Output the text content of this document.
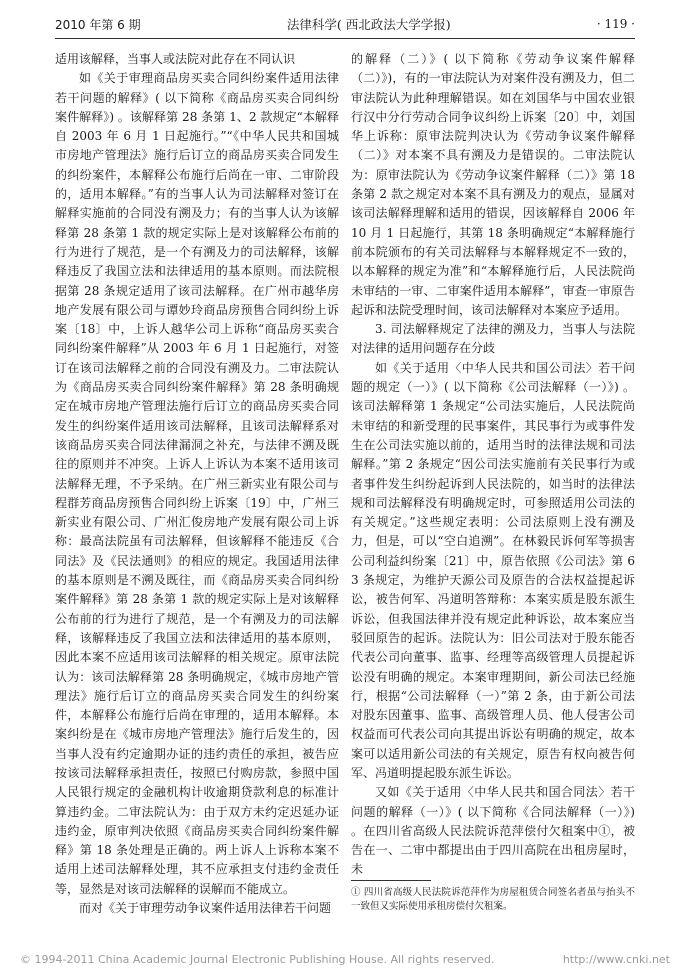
2010 年第 6 期	法律科学( 西北政法大学学报)	· 119 ·

适用该解释，当事人或法院对此存在不同认识

如《关于审理商品房买卖合同纠纷案件适用法律若干问题的解释》( 以下简称《商品房买卖合同纠纷案件解释》) 。该解释第 28 条第 1、2 款规定“本解释自 2003 年 6 月 1 日起施行。”“《中华人民共和国城市房地产管理法》施行后订立的商品房买卖合同发生的纠纷案件，本解释公布施行后尚在一审、二审阶段的，适用本解释。”有的当事人认为司法解释对签订在解释实施前的合同没有溯及力；有的当事人认为该解释第 28 条第 1 款的规定实际上是对该解释公布前的行为进行了规范，是一个有溯及力的司法解释，该解释违反了我国立法和法律适用的基本原则。而法院根据第 28 条规定适用了该司法解释。在广州市越华房地产发展有限公司与谭妙玲商品房预售合同纠纷上诉案〔18〕中，上诉人越华公司上诉称“商品房买卖合同纠纷案件解释”从 2003 年 6 月 1 日起施行，对签订在该司法解释之前的合同没有溯及力。二审法院认为《商品房买卖合同纠纷案件解释》第 28 条明确规定在城市房地产管理法施行后订立的商品房买卖合同发生的纠纷案件适用该司法解释，且该司法解释系对该商品房买卖合同法律漏洞之补充，与法律不溯及既往的原则并不冲突。上诉人上诉认为本案不适用该司法解释无理，不予采纳。在广州三新实业有限公司与程群芳商品房预售合同纠纷上诉案〔19〕中，广州三新实业有限公司、广州汇俊房地产发展有限公司上诉称：最高法院虽有司法解释，但该解释不能违反《合同法》及《民法通则》的相应的规定。我国适用法律的基本原则是不溯及既往，而《商品房买卖合同纠纷案件解释》第 28 条第 1 款的规定实际上是对该解释公布前的行为进行了规范，是一个有溯及力的司法解释，该解释违反了我国立法和法律适用的基本原则，因此本案不应适用该司法解释的相关规定。原审法院认为：该司法解释第 28 条明确规定，《城市房地产管理法》施行后订立的商品房买卖合同发生的纠纷案件，本解释公布施行后尚在审理的，适用本解释。本案纠纷是在《城市房地产管理法》施行后发生的，因当事人没有约定逾期办证的违约责任的承担，被告应按该司法解释承担责任，按照已付购房款，参照中国人民银行规定的金融机构计收逾期贷款利息的标准计算违约金。二审法院认为：由于双方未约定迟延办证违约金，原审判决依照《商品房买卖合同纠纷案件解释》第 18 条处理是正确的。两上诉人上诉称本案不适用上述司法解释处理，其不应承担支付违约金责任等，显然是对该司法解释的误解而不能成立。

而对《关于审理劳动争议案件适用法律若干问题

的解释（二）》( 以下简称《劳动争议案件解释（二）》)，有的一审法院认为对案件没有溯及力，但二审法院认为此种理解错误。如在刘国华与中国农业银行汉中分行劳动合同争议纠纷上诉案〔20〕中，刘国华上诉称：原审法院判决认为《劳动争议案件解释（二）》对本案不具有溯及力是错误的。二审法院认为：原审法院认为《劳动争议案件解释（二）》第 18 条第 2 款之规定对本案不具有溯及力的观点，显属对该司法解释理解和适用的错误，因该解释自 2006 年 10 月 1 日起施行，其第 18 条明确规定“本解释施行前本院颁布的有关司法解释与本解释规定不一致的，以本解释的规定为准”和“本解释施行后，人民法院尚未审结的一审、二审案件适用本解释”，审查一审原告起诉和法院受理时间，该司法解释对本案应予适用。

3. 司法解释规定了法律的溯及力，当事人与法院对法律的适用问题存在分歧

如《关于适用〈中华人民共和国公司法〉若干问题的规定（一）》( 以下简称《公司法解释（一）》) 。该司法解释第 1 条规定“公司法实施后，人民法院尚未审结的和新受理的民事案件，其民事行为或事件发生在公司法实施以前的，适用当时的法律法规和司法解释。”第 2 条规定“因公司法实施前有关民事行为或者事件发生纠纷起诉到人民法院的，如当时的法律法规和司法解释没有明确规定时，可参照适用公司法的有关规定。”这些规定表明：公司法原则上没有溯及力，但是，可以“空白追溯”。在林毅民诉何军等损害公司利益纠纷案〔21〕中，原告依照《公司法》第 63 条规定，为维护天源公司及原告的合法权益提起诉讼，被告何军、冯道明答辩称：本案实质是股东派生诉讼，但我国法律并没有规定此种诉讼，故本案应当驳回原告的起诉。法院认为：旧公司法对于股东能否代表公司向董事、监事、经理等高级管理人员提起诉讼没有明确的规定。本案审理期间，新公司法已经施行，根据“公司法解释（一）”第 2 条，由于新公司法对股东因董事、监事、高级管理人员、他人侵害公司权益而可代表公司向其提出诉讼有明确的规定，故本案可以适用新公司法的有关规定，原告有权向被告何军、冯道明提起股东派生诉讼。

又如《关于适用〈中华人民共和国合同法〉若干问题的解释（一）》( 以下简称《合同法解释（一）》) 。在四川省高级人民法院诉范萍偿付欠租案中①，被告在一、二审中都提出由于四川高院在出租房屋时，未

① 四川省高级人民法院诉范萍作为房屋租赁合同签名者虽与抬头不一致但又实际使用承租房偿付欠租案。
© 1994-2011 China Academic Journal Electronic Publishing House. All rights reserved.	http://www.cnki.net
